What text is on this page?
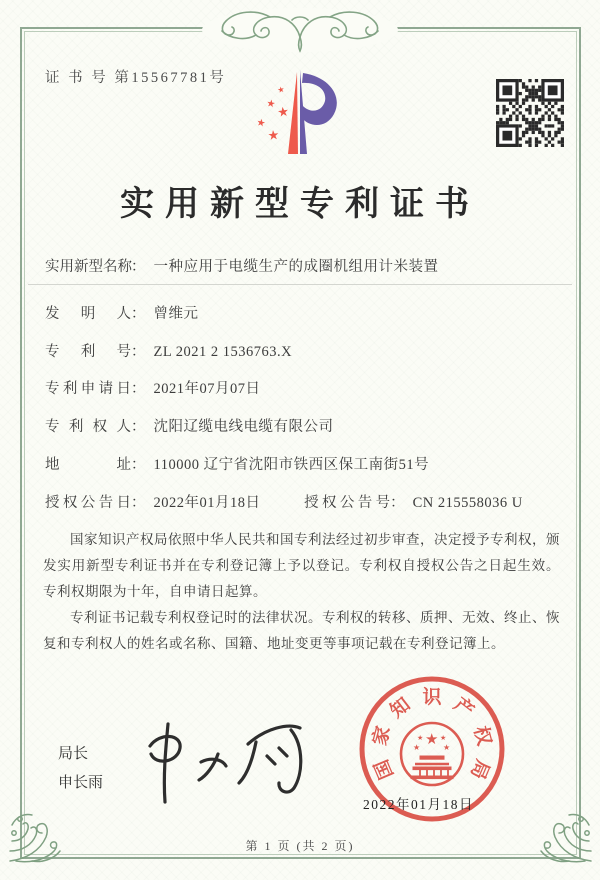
证 书 号 第15567781号
★
★
★
★
★
实用新型专利证书
实用新型名称： 一种应用于电缆生产的成圈机组用计米装置
发明人： 曾维元
专利号： ZL 2021 2 1536763.X
专利申请日： 2021年07月07日
专利权人： 沈阳辽缆电线电缆有限公司
地址： 110000 辽宁省沈阳市铁西区保工南街51号
授权公告日： 2022年01月18日	授权公告号： CN 215558036 U

国家知识产权局依照中华人民共和国专利法经过初步审查，决定授予专利权，颁发实用新型专利证书并在专利登记簿上予以登记。专利权自授权公告之日起生效。专利权期限为十年，自申请日起算。

专利证书记载专利权登记时的法律状况。专利权的转移、质押、无效、终止、恢复和专利权人的姓名或名称、国籍、地址变更等事项记载在专利登记簿上。

局长
申长雨
国
家
知 识 产
权
局
★
★	★
★ ★
2022年01月18日
第 1 页 (共 2 页)
